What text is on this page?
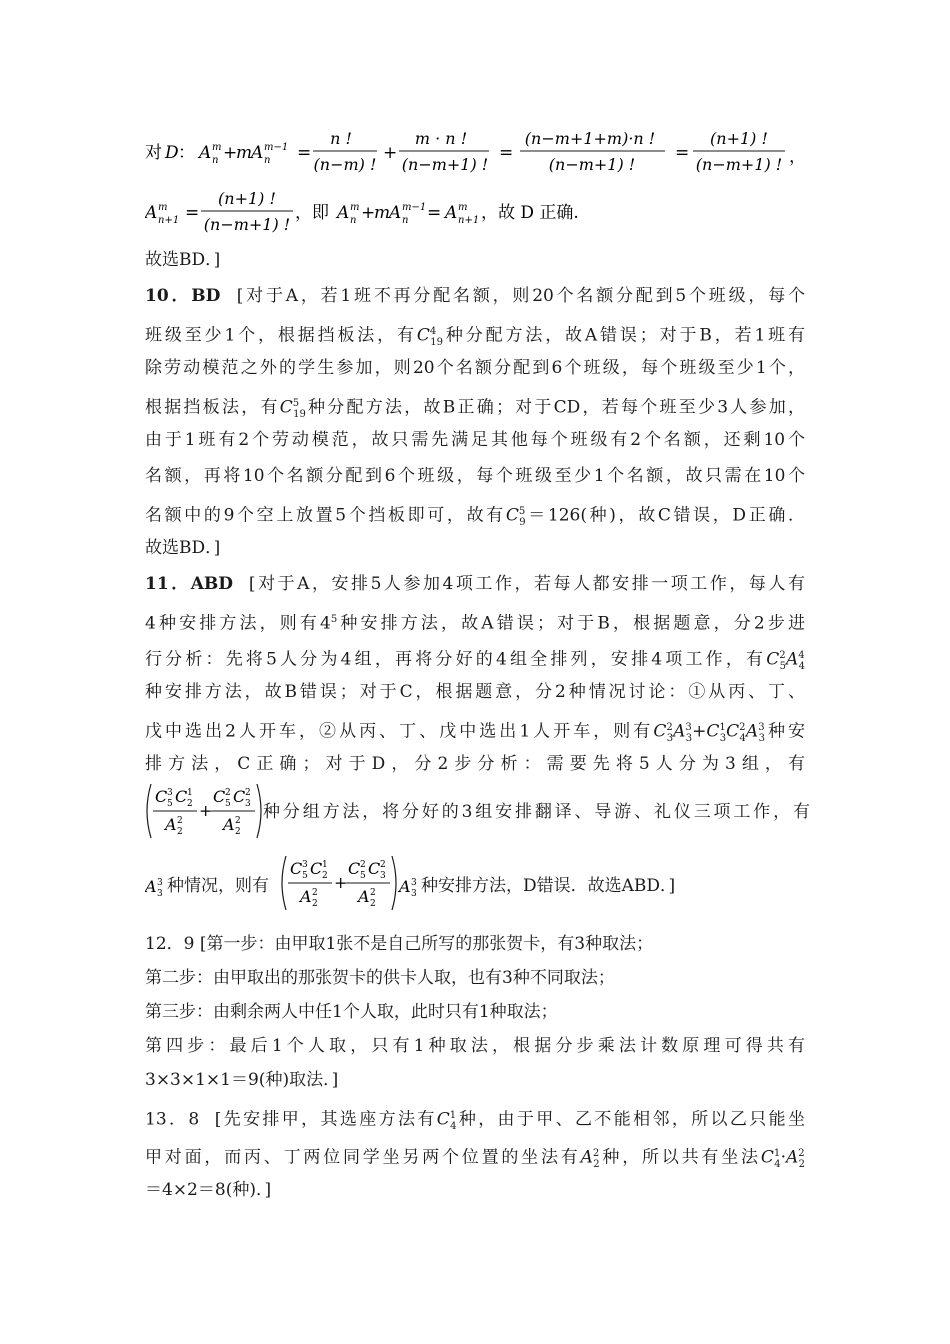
对 D ： A m
n +
m
A m−1
n =
n !
(n−m) !
+
m · n !
(n−m+1) !
=
(n−m+1+m)·n !
(n−m+1) !
=
(n+1) !
(n−m+1) ! ，
A m
n+1 =
(n+1) !
(n−m+1) !
，即 A m
n +
m
A m−1
n = A m
n+1 ，故 D 正确.
故选BD．]
10．BD  [对于A，若1班不再分配名额，则20个名额分配到5个班级，每个
班级至少1个，根据挡板法，有$C^4_{19}$种分配方法，故A错误；对于B，若1班有
除劳动模范之外的学生参加，则20个名额分配到6个班级，每个班级至少1个，
根据挡板法，有$C^5_{19}$种分配方法，故B正确；对于CD，若每个班至少3人参加，
由于1班有2个劳动模范，故只需先满足其他每个班级有2个名额，还剩10个
名额，再将10个名额分配到6个班级，每个班级至少1个名额，故只需在10个
名额中的9个空上放置5个挡板即可，故有$C^5_9=126$(种)，故C错误，D正确．
故选BD．]
11．ABD  [对于A，安排5人参加4项工作，若每人都安排一项工作，每人有
4种安排方法，则有$4^5$种安排方法，故A错误；对于B，根据题意，分2步进
行分析：先将5人分为4组，再将分好的4组全排列，安排4项工作，有$C^2_5A^4_4$
种安排方法，故B错误；对于C，根据题意，分2种情况讨论：①从丙、丁、
戊中选出2人开车，②从丙、丁、戊中选出1人开车，则有$C^2_3A^3_3+C^1_3C^2_4A^3_3$种安
排方法，C正确；对于D，分2步分析：需要先将5人分为3组，有
C 3
5 C 1
2
A 2
2
+
C 2
5 C 2
3
A 2
2
种分组方法，将分好的3组安排翻译、导游、礼仪三项工作，有
A 3
3
C 3
5 C 1
2
A 2
2
+
C 2
5 C 2
3
A 2
2
A 3
3
种情况，则有	种安排方法，D错误．故选ABD．]
12．9 [第一步：由甲取1张不是自己所写的那张贺卡，有3种取法；
第二步：由甲取出的那张贺卡的供卡人取，也有3种不同取法；
第三步：由剩余两人中任1个人取，此时只有1种取法；
第四步：最后1个人取，只有1种取法，根据分步乘法计数原理可得共有
3×3×1×1＝9(种)取法．]
13．8  [先安排甲，其选座方法有$C^1_4$种，由于甲、乙不能相邻，所以乙只能坐
甲对面，而丙、丁两位同学坐另两个位置的坐法有$A^2_2$种，所以共有坐法$C^1_4\cdot A^2_2$
＝4×2＝8(种)．]
